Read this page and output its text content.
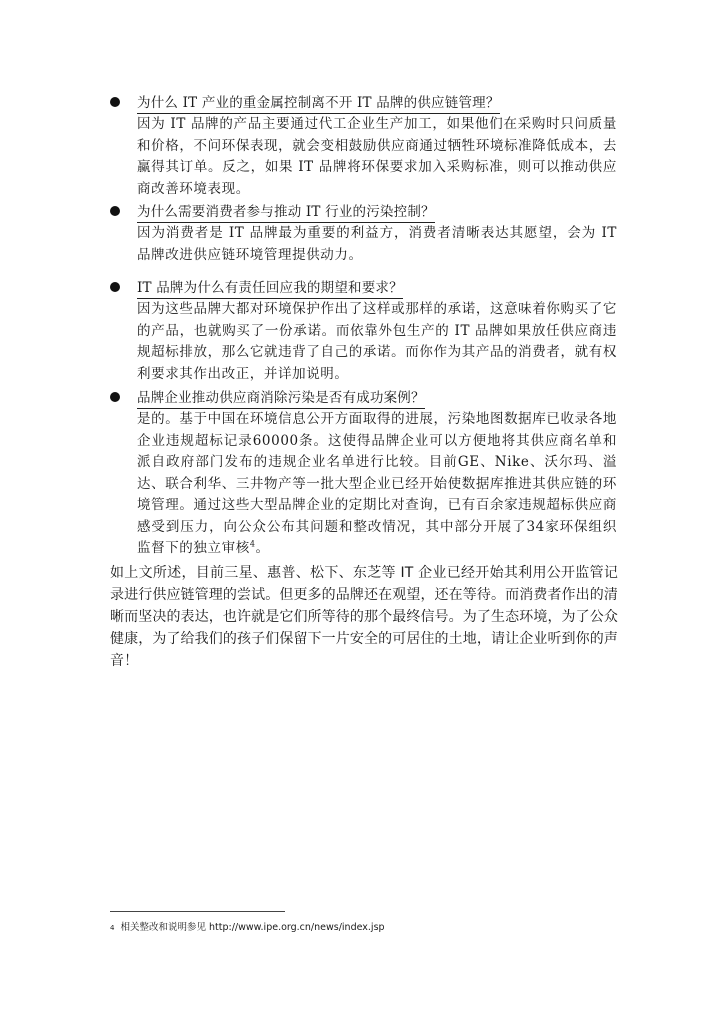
为什么 IT 产业的重金属控制离不开 IT 品牌的供应链管理？
因为 IT 品牌的产品主要通过代工企业生产加工，如果他们在采购时只问质量和价格，不问环保表现，就会变相鼓励供应商通过牺牲环境标准降低成本，去赢得其订单。反之，如果 IT 品牌将环保要求加入采购标准，则可以推动供应商改善环境表现。
为什么需要消费者参与推动 IT 行业的污染控制？
因为消费者是 IT 品牌最为重要的利益方，消费者清晰表达其愿望，会为 IT 品牌改进供应链环境管理提供动力。
IT 品牌为什么有责任回应我的期望和要求？
因为这些品牌大都对环境保护作出了这样或那样的承诺，这意味着你购买了它的产品，也就购买了一份承诺。而依靠外包生产的 IT 品牌如果放任供应商违规超标排放，那么它就违背了自己的承诺。而你作为其产品的消费者，就有权利要求其作出改正，并详加说明。
品牌企业推动供应商消除污染是否有成功案例？
是的。基于中国在环境信息公开方面取得的进展，污染地图数据库已收录各地企业违规超标记录60000条。这使得品牌企业可以方便地将其供应商名单和派自政府部门发布的违规企业名单进行比较。目前GE、Nike、沃尔玛、溢达、联合利华、三井物产等一批大型企业已经开始使数据库推进其供应链的环境管理。通过这些大型品牌企业的定期比对查询，已有百余家违规超标供应商感受到压力，向公众公布其问题和整改情况，其中部分开展了34家环保组织监督下的独立审核$^4$。
如上文所述，目前三星、惠普、松下、东芝等 IT 企业已经开始其利用公开监管记录进行供应链管理的尝试。但更多的品牌还在观望，还在等待。而消费者作出的清晰而坚决的表达，也许就是它们所等待的那个最终信号。为了生态环境，为了公众健康，为了给我们的孩子们保留下一片安全的可居住的土地，请让企业听到你的声音！
$^4$ 相关整改和说明参见 http://www.ipe.org.cn/news/index.jsp
